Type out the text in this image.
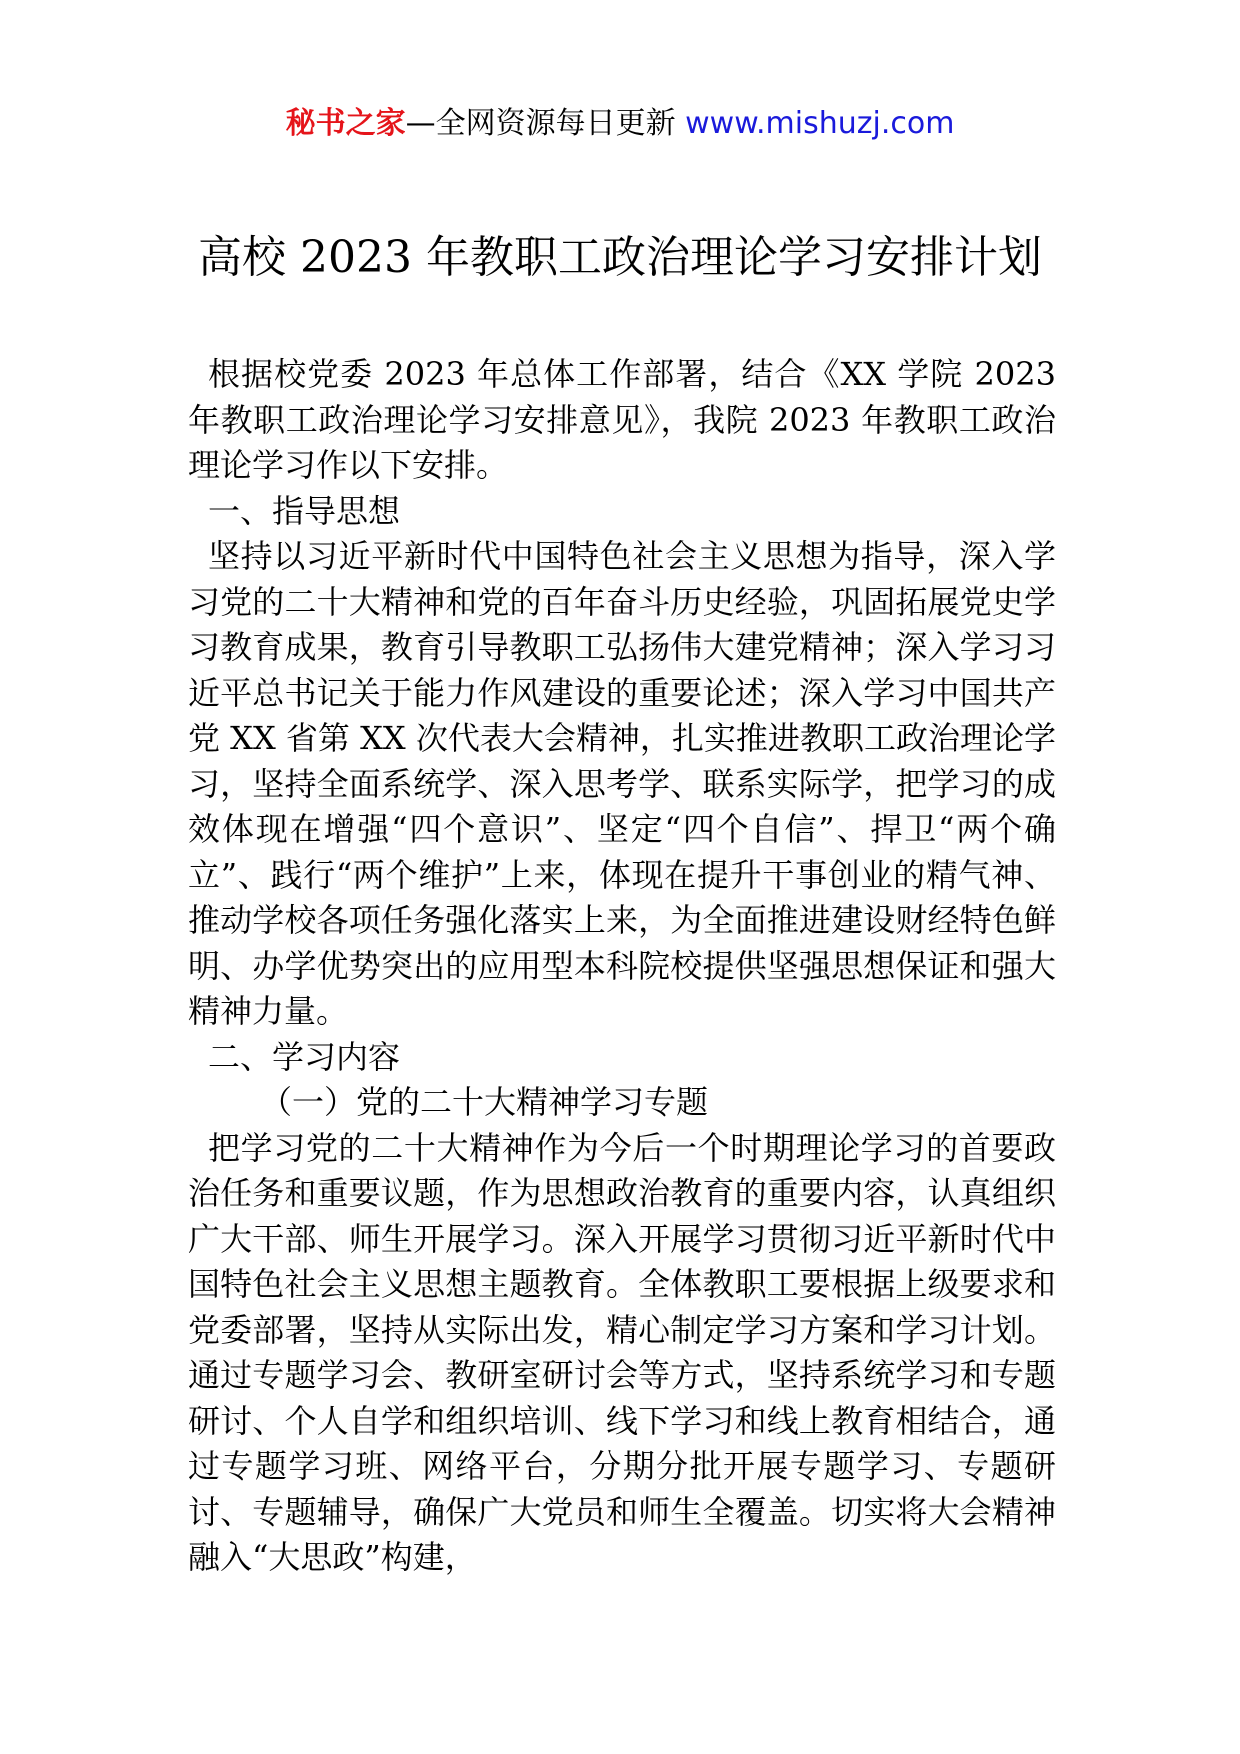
秘书之家—全网资源每日更新 www.mishuzj.com
高校 2023 年教职工政治理论学习安排计划

根据校党委 2023 年总体工作部署，结合《XX 学院 2023 年教职工政治理论学习安排意见》，我院 2023 年教职工政治理论学习作以下安排。

一、指导思想

坚持以习近平新时代中国特色社会主义思想为指导，深入学习党的二十大精神和党的百年奋斗历史经验，巩固拓展党史学习教育成果，教育引导教职工弘扬伟大建党精神；深入学习习近平总书记关于能力作风建设的重要论述；深入学习中国共产党 XX 省第 XX 次代表大会精神，扎实推进教职工政治理论学习，坚持全面系统学、深入思考学、联系实际学，把学习的成效体现在增强“四个意识”、坚定“四个自信”、捍卫“两个确立”、践行“两个维护”上来，体现在提升干事创业的精气神、推动学校各项任务强化落实上来，为全面推进建设财经特色鲜明、办学优势突出的应用型本科院校提供坚强思想保证和强大精神力量。

二、学习内容

（一）党的二十大精神学习专题

把学习党的二十大精神作为今后一个时期理论学习的首要政治任务和重要议题，作为思想政治教育的重要内容，认真组织广大干部、师生开展学习。深入开展学习贯彻习近平新时代中国特色社会主义思想主题教育。全体教职工要根据上级要求和党委部署，坚持从实际出发，精心制定学习方案和学习计划。通过专题学习会、教研室研讨会等方式，坚持系统学习和专题研讨、个人自学和组织培训、线下学习和线上教育相结合，通过专题学习班、网络平台，分期分批开展专题学习、专题研讨、专题辅导，确保广大党员和师生全覆盖。切实将大会精神融入“大思政”构建，
